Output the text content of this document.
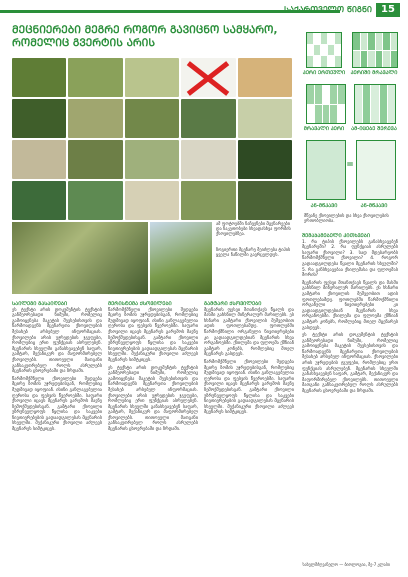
ᲡᲐᲥᲐᲠᲗᲕᲔᲚᲝ ᲬᲘᲒᲜᲘ 15
ᲛᲔᲪᲜᲘᲔᲠᲔᲑᲘ ᲛᲔᲒᲠᲔ ᲠᲝᲒᲝᲠ ᲒᲐᲕᲘᲪᲜᲝ ᲡᲐᲛᲧᲐᲠᲝ, ᲠᲝᲛᲔᲚᲘᲪ ᲒᲕᲔᲠᲢᲘᲡ ᲐᲠᲘᲡ
ამ ფოტოებში ნაჩვენები მცენარეები და ნაკეთობები სხვადასხვა ფორმის ქსოვილებზეა.
ზოგიერთი მცენარე შეიძლება ტიპის ყველა ნაწილში გავრცელდეს.
ᲞᲔᲠᲘ ᲔᲠᲗᲔᲣᲚᲘ	ᲞᲔᲠᲘᲨᲘ ᲛᲠᲐᲕᲐᲚᲘ
ᲛᲠᲐᲕᲐᲚᲘ ᲞᲔᲠᲘ	ᲐᲛ-ᲘᲪᲔᲑᲔ ᲨᲔᲠᲔᲕᲐ
=
ᲐᲜ-ᲛᲬᲙᲐᲕᲘ	ᲐᲜ-ᲛᲬᲙᲐᲕᲘ
მწვანე ქსოვილების და სხვა ქსოვილების ერთობლიობა.
ᲡᲐᲘᲚᲔᲒᲘ ᲒᲐᲡᲐᲘᲦᲔᲑᲘ

ეს ტექსტი არის დოკუმენტის ტექსტის განმეორებადი ნიმუში, რომელიც გამოიყენება მაკეტის შევსებისთვის და წარმოადგენს მცენარეთა ქსოვილების შესახებ არსებულ ინფორმაციას. ქსოვილები არის უჯრედების ჯგუფები, რომლებიც ერთ ფუნქციას ასრულებენ. მცენარის სხეულში განასხვავებენ საფარ, გამტარ, მექანიკურ და მაფორმირებელ ქსოვილებს. თითოეული მათგანი განსაკუთრებულ როლს ასრულებს მცენარის ცხოვრებაში და ზრდაში.

წარმომქმნელი ქსოვილები შედგება მცირე ზომის უჯრედებისგან, რომლებიც მუდმივად იყოფიან. ისინი განლაგებულია ღეროსა და ფესვის წვეროებში. საფარი ქსოვილი იცავს მცენარეს გარემოს მავნე ზემოქმედებისგან. გამტარი ქსოვილი უზრუნველყოფს წყლისა და საკვები ნივთიერებების გადაადგილებას მცენარის სხეულში. მექანიკური ქსოვილი აძლევს მცენარეს სიმტკიცეს.

ᲛᲔᲠᲘᲡᲢᲔᲛᲐ ᲥᲡᲝᲕᲘᲚᲔᲑᲘ

წარმომქმნელი ქსოვილები შედგება მცირე ზომის უჯრედებისგან, რომლებიც მუდმივად იყოფიან. ისინი განლაგებულია ღეროსა და ფესვის წვეროებში. საფარი ქსოვილი იცავს მცენარეს გარემოს მავნე ზემოქმედებისგან. გამტარი ქსოვილი უზრუნველყოფს წყლისა და საკვები ნივთიერებების გადაადგილებას მცენარის სხეულში. მექანიკური ქსოვილი აძლევს მცენარეს სიმტკიცეს.

ეს ტექსტი არის დოკუმენტის ტექსტის განმეორებადი ნიმუში, რომელიც გამოიყენება მაკეტის შევსებისთვის და წარმოადგენს მცენარეთა ქსოვილების შესახებ არსებულ ინფორმაციას. ქსოვილები არის უჯრედების ჯგუფები, რომლებიც ერთ ფუნქციას ასრულებენ. მცენარის სხეულში განასხვავებენ საფარ, გამტარ, მექანიკურ და მაფორმირებელ ქსოვილებს. თითოეული მათგანი განსაკუთრებულ როლს ასრულებს მცენარის ცხოვრებაში და ზრდაში.

ᲒᲐᲛᲢᲐᲠᲘ ᲥᲡᲝᲕᲘᲚᲔᲑᲘ

მცენარის ფესვი შთანთქავს წყალს და მასში გახსნილ მინერალურ მარილებს. ეს ხსნარი გამტარი ქსოვილის მეშვეობით ადის ფოთლებამდე. ფოთლებში წარმოქმნილი ორგანული ნივთიერებები კი გადაადგილდებიან მცენარის სხვა ორგანოებში. ქსილემა და ფლოემა ქმნიან გამტარ კონებს, რომლებიც მთელ მცენარეს გასდევს.

წარმომქმნელი ქსოვილები შედგება მცირე ზომის უჯრედებისგან, რომლებიც მუდმივად იყოფიან. ისინი განლაგებულია ღეროსა და ფესვის წვეროებში. საფარი ქსოვილი იცავს მცენარეს გარემოს მავნე ზემოქმედებისგან. გამტარი ქსოვილი უზრუნველყოფს წყლისა და საკვები ნივთიერებების გადაადგილებას მცენარის სხეულში. მექანიკური ქსოვილი აძლევს მცენარეს სიმტკიცეს.

ᲨᲔᲛᲐᲯᲐᲛᲔᲑᲔᲚᲘ ᲙᲘᲗᲮᲕᲔᲑᲘ

1. რა ტიპის ქსოვილებს განასხვავებენ მცენარეში? 2. რა ფუნქციას ასრულებს საფარი ქსოვილი? 3. სად მდებარეობს წარმომქმნელი ქსოვილი? 4. როგორ გადაადგილდება წყალი მცენარის სხეულში? 5. რა განსხვავებაა ქსილემასა და ფლოემას შორის?

მცენარის ფესვი შთანთქავს წყალს და მასში გახსნილ მინერალურ მარილებს. ეს ხსნარი გამტარი ქსოვილის მეშვეობით ადის ფოთლებამდე. ფოთლებში წარმოქმნილი ორგანული ნივთიერებები კი გადაადგილდებიან მცენარის სხვა ორგანოებში. ქსილემა და ფლოემა ქმნიან გამტარ კონებს, რომლებიც მთელ მცენარეს გასდევს.

ეს ტექსტი არის დოკუმენტის ტექსტის განმეორებადი ნიმუში, რომელიც გამოიყენება მაკეტის შევსებისთვის და წარმოადგენს მცენარეთა ქსოვილების შესახებ არსებულ ინფორმაციას. ქსოვილები არის უჯრედების ჯგუფები, რომლებიც ერთ ფუნქციას ასრულებენ. მცენარის სხეულში განასხვავებენ საფარ, გამტარ, მექანიკურ და მაფორმირებელ ქსოვილებს. თითოეული მათგანი განსაკუთრებულ როლს ასრულებს მცენარის ცხოვრებაში და ზრდაში.

სახელმძღვანელო — ბიოლოგია, მე-7 კლასი
